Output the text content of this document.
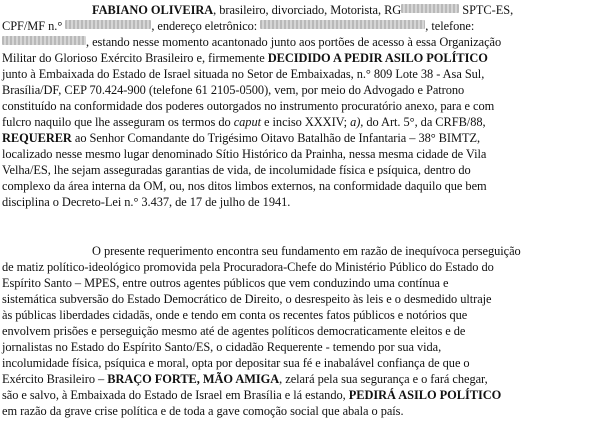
FABIANO OLIVEIRA, brasileiro, divorciado, Motorista, RG	SPTC-ES,
CPF/MF n.°	, endereço eletrônico:	, telefone:
, estando nesse momento acantonado junto aos portões de acesso à essa Organização
Militar do Glorioso Exército Brasileiro e, firmemente DECIDIDO A PEDIR ASILO POLÍTICO
junto à Embaixada do Estado de Israel situada no Setor de Embaixadas, n.° 809 Lote 38 - Asa Sul,
Brasília/DF, CEP 70.424-900 (telefone 61 2105-0500), vem, por meio do Advogado e Patrono
constituído na conformidade dos poderes outorgados no instrumento procuratório anexo, para e com
fulcro naquilo que lhe asseguram os termos do caput e inciso XXXIV; a), do Art. 5°, da CRFB/88,
REQUERER ao Senhor Comandante do Trigésimo Oitavo Batalhão de Infantaria – 38° BIMTZ,
localizado nesse mesmo lugar denominado Sítio Histórico da Prainha, nessa mesma cidade de Vila
Velha/ES, lhe sejam asseguradas garantias de vida, de incolumidade física e psíquica, dentro do
complexo da área interna da OM, ou, nos ditos limbos externos, na conformidade daquilo que bem
disciplina o Decreto-Lei n.° 3.437, de 17 de julho de 1941.
O presente requerimento encontra seu fundamento em razão de inequívoca perseguição
de matiz político-ideológico promovida pela Procuradora-Chefe do Ministério Público do Estado do
Espírito Santo – MPES, entre outros agentes públicos que vem conduzindo uma contínua e
sistemática subversão do Estado Democrático de Direito, o desrespeito às leis e o desmedido ultraje
às públicas liberdades cidadãs, onde e tendo em conta os recentes fatos públicos e notórios que
envolvem prisões e perseguição mesmo até de agentes políticos democraticamente eleitos e de
jornalistas no Estado do Espírito Santo/ES, o cidadão Requerente - temendo por sua vida,
incolumidade física, psíquica e moral, opta por depositar sua fé e inabalável confiança de que o
Exército Brasileiro – BRAÇO FORTE, MÃO AMIGA, zelará pela sua segurança e o fará chegar,
são e salvo, à Embaixada do Estado de Israel em Brasília e lá estando, PEDIRÁ ASILO POLÍTICO
em razão da grave crise política e de toda a gave comoção social que abala o país.
